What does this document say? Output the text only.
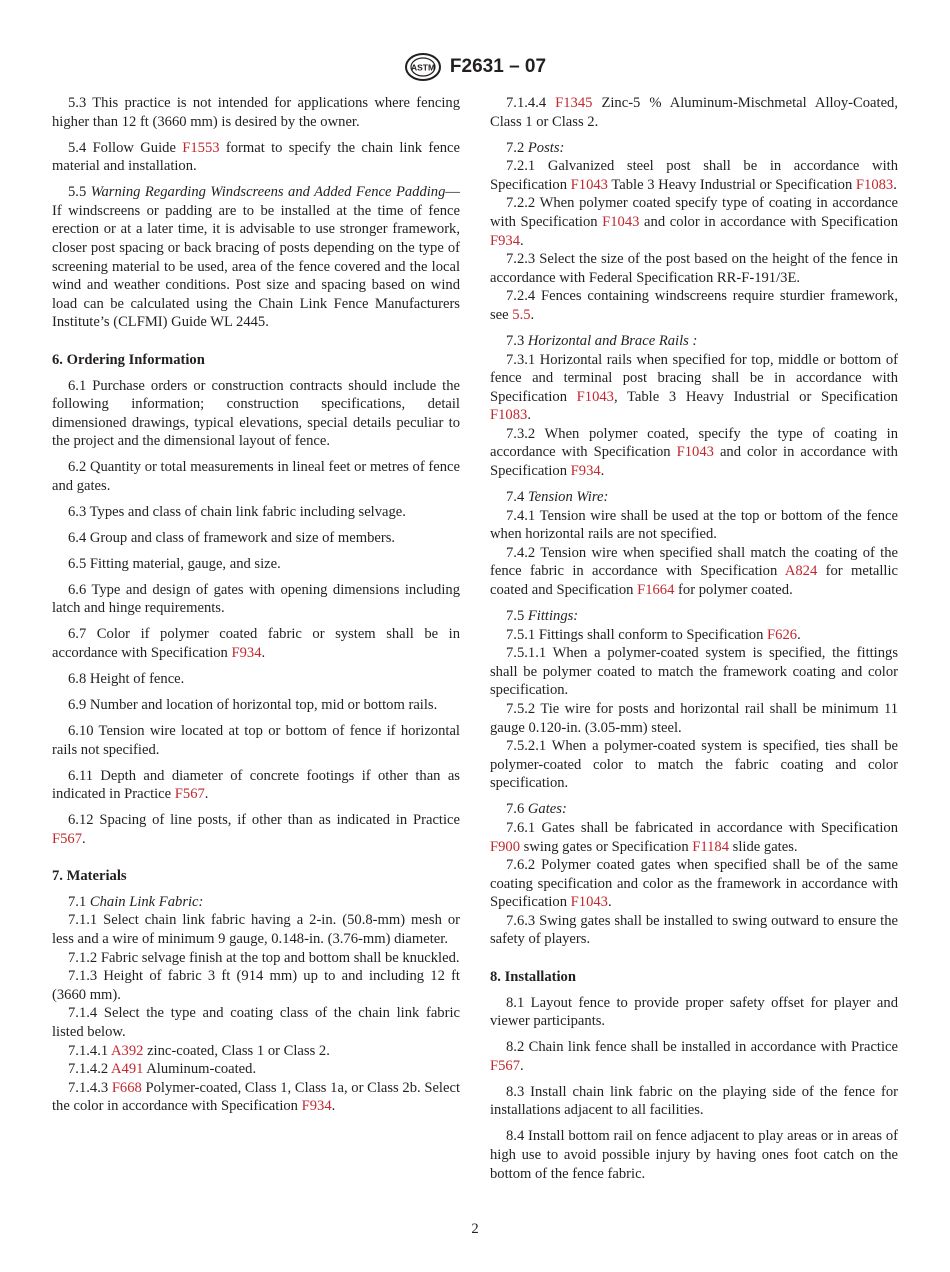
ASTM F2631 – 07

5.3 This practice is not intended for applications where fencing higher than 12 ft (3660 mm) is desired by the owner.

5.4 Follow Guide F1553 format to specify the chain link fence material and installation.

5.5 Warning Regarding Windscreens and Added Fence Padding—If windscreens or padding are to be installed at the time of fence erection or at a later time, it is advisable to use stronger framework, closer post spacing or back bracing of posts depending on the type of screening material to be used, area of the fence covered and the local wind and weather conditions. Post size and spacing based on wind load can be calculated using the Chain Link Fence Manufacturers Institute’s (CLFMI) Guide WL 2445.

6. Ordering Information

6.1 Purchase orders or construction contracts should include the following information; construction specifications, detail dimensioned drawings, typical elevations, special details peculiar to the project and the dimensional layout of fence.

6.2 Quantity or total measurements in lineal feet or metres of fence and gates.

6.3 Types and class of chain link fabric including selvage.

6.4 Group and class of framework and size of members.

6.5 Fitting material, gauge, and size.

6.6 Type and design of gates with opening dimensions including latch and hinge requirements.

6.7 Color if polymer coated fabric or system shall be in accordance with Specification F934.

6.8 Height of fence.

6.9 Number and location of horizontal top, mid or bottom rails.

6.10 Tension wire located at top or bottom of fence if horizontal rails not specified.

6.11 Depth and diameter of concrete footings if other than as indicated in Practice F567.

6.12 Spacing of line posts, if other than as indicated in Practice F567.

7. Materials

7.1 Chain Link Fabric:

7.1.1 Select chain link fabric having a 2-in. (50.8-mm) mesh or less and a wire of minimum 9 gauge, 0.148-in. (3.76-mm) diameter.

7.1.2 Fabric selvage finish at the top and bottom shall be knuckled.

7.1.3 Height of fabric 3 ft (914 mm) up to and including 12 ft (3660 mm).

7.1.4 Select the type and coating class of the chain link fabric listed below.

7.1.4.1 A392 zinc-coated, Class 1 or Class 2.

7.1.4.2 A491 Aluminum-coated.

7.1.4.3 F668 Polymer-coated, Class 1, Class 1a, or Class 2b. Select the color in accordance with Specification F934.

7.1.4.4 F1345 Zinc-5 % Aluminum-Mischmetal Alloy-Coated, Class 1 or Class 2.

7.2 Posts:

7.2.1 Galvanized steel post shall be in accordance with Specification F1043 Table 3 Heavy Industrial or Specification F1083.

7.2.2 When polymer coated specify type of coating in accordance with Specification F1043 and color in accordance with Specification F934.

7.2.3 Select the size of the post based on the height of the fence in accordance with Federal Specification RR-F-191/3E.

7.2.4 Fences containing windscreens require sturdier framework, see 5.5.

7.3 Horizontal and Brace Rails :

7.3.1 Horizontal rails when specified for top, middle or bottom of fence and terminal post bracing shall be in accordance with Specification F1043, Table 3 Heavy Industrial or Specification F1083.

7.3.2 When polymer coated, specify the type of coating in accordance with Specification F1043 and color in accordance with Specification F934.

7.4 Tension Wire:

7.4.1 Tension wire shall be used at the top or bottom of the fence when horizontal rails are not specified.

7.4.2 Tension wire when specified shall match the coating of the fence fabric in accordance with Specification A824 for metallic coated and Specification F1664 for polymer coated.

7.5 Fittings:

7.5.1 Fittings shall conform to Specification F626.

7.5.1.1 When a polymer-coated system is specified, the fittings shall be polymer coated to match the framework coating and color specification.

7.5.2 Tie wire for posts and horizontal rail shall be minimum 11 gauge 0.120-in. (3.05-mm) steel.

7.5.2.1 When a polymer-coated system is specified, ties shall be polymer-coated color to match the fabric coating and color specification.

7.6 Gates:

7.6.1 Gates shall be fabricated in accordance with Specification F900 swing gates or Specification F1184 slide gates.

7.6.2 Polymer coated gates when specified shall be of the same coating specification and color as the framework in accordance with Specification F1043.

7.6.3 Swing gates shall be installed to swing outward to ensure the safety of players.

8. Installation

8.1 Layout fence to provide proper safety offset for player and viewer participants.

8.2 Chain link fence shall be installed in accordance with Practice F567.

8.3 Install chain link fabric on the playing side of the fence for installations adjacent to all facilities.

8.4 Install bottom rail on fence adjacent to play areas or in areas of high use to avoid possible injury by having ones foot catch on the bottom of the fence fabric.

2
